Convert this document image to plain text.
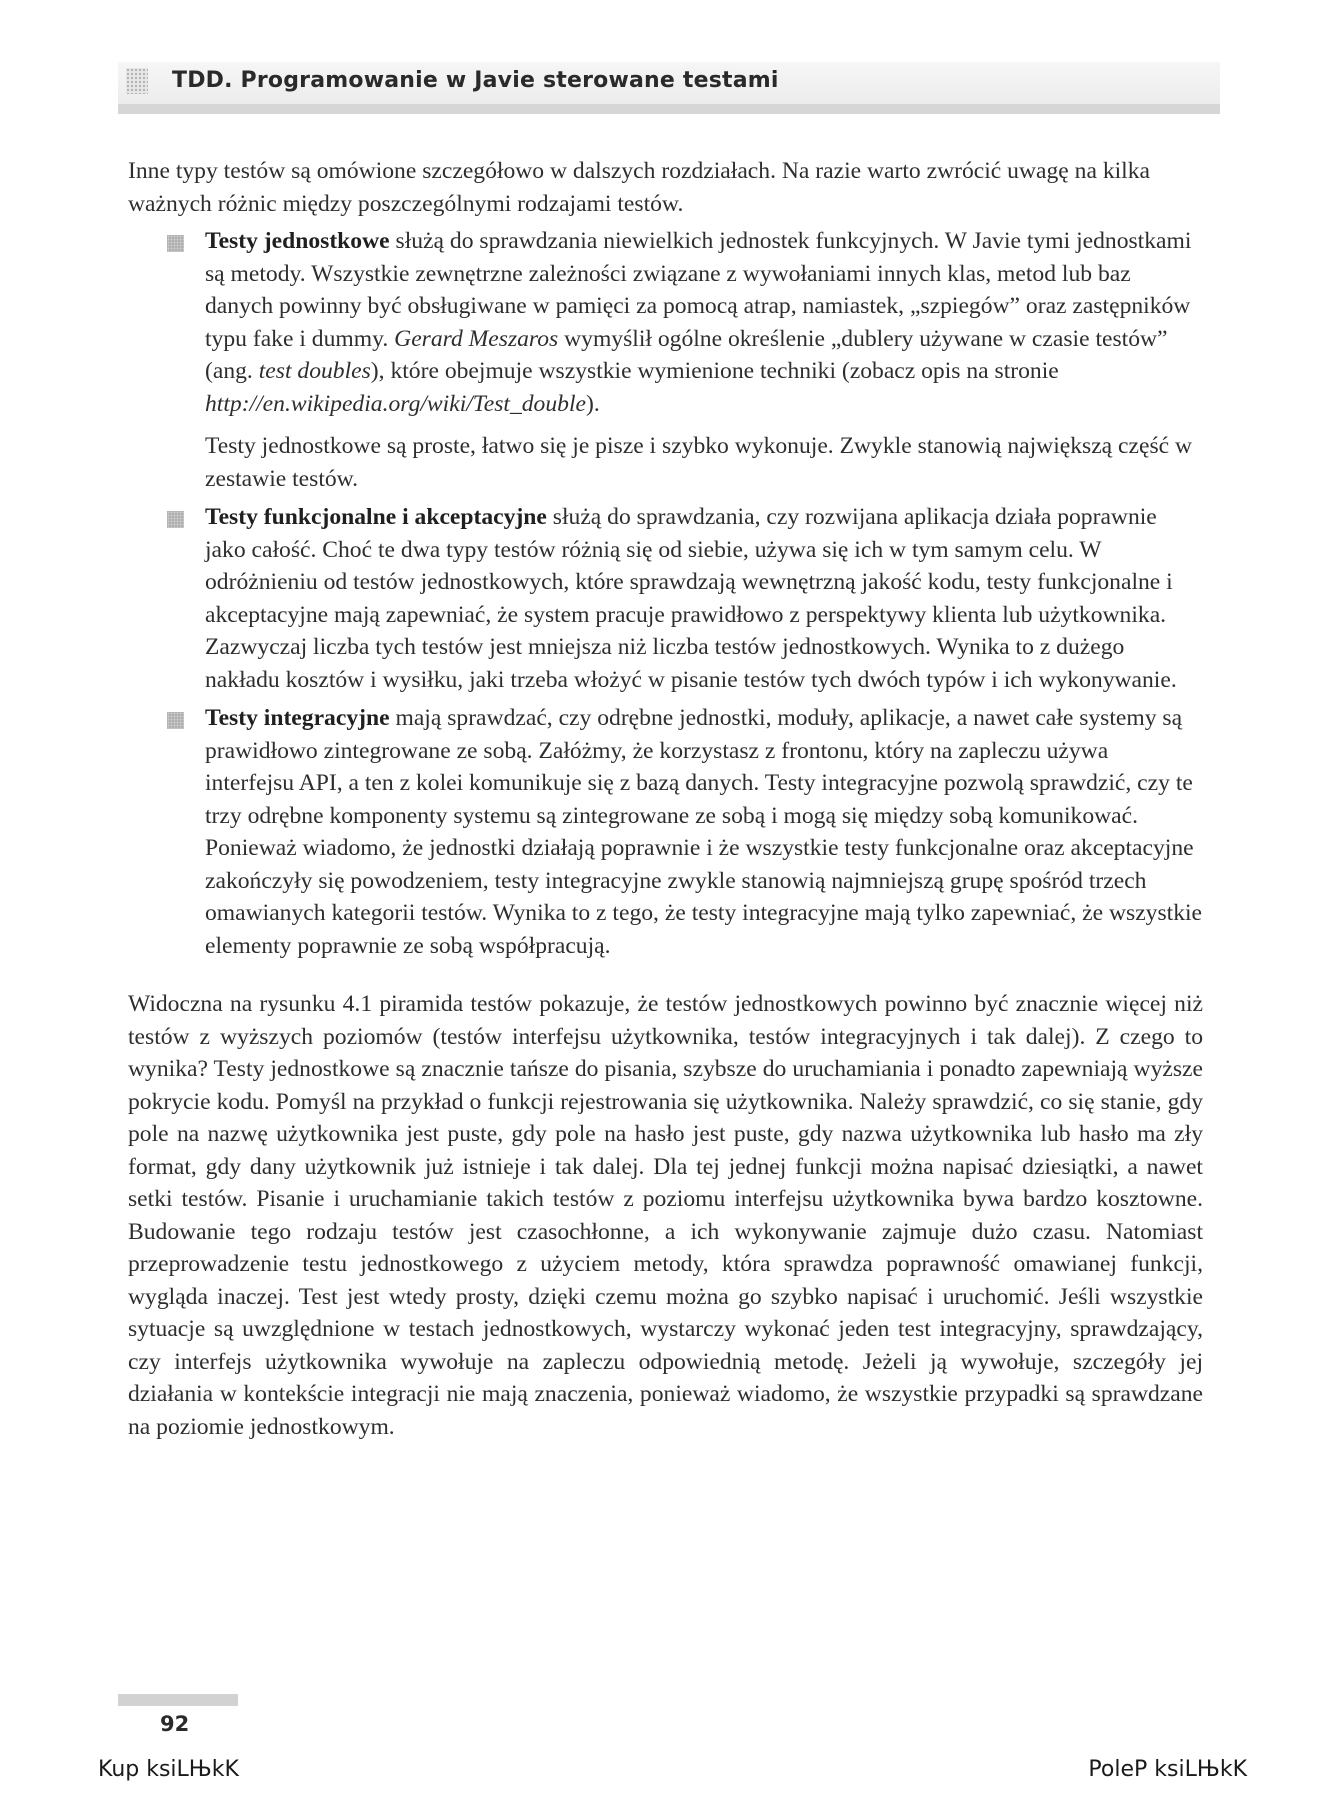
TDD. Programowanie w Javie sterowane testami

Inne typy testów są omówione szczegółowo w dalszych rozdziałach. Na razie warto zwrócić uwagę na kilka ważnych różnic między poszczególnymi rodzajami testów.

Testy jednostkowe służą do sprawdzania niewielkich jednostek funkcyjnych. W Javie tymi jednostkami są metody. Wszystkie zewnętrzne zależności związane z wywołaniami innych klas, metod lub baz danych powinny być obsługiwane w pamięci za pomocą atrap, namiastek, „szpiegów” oraz zastępników typu fake i dummy. Gerard Meszaros wymyślił ogólne określenie „dublery używane w czasie testów” (ang. test doubles), które obejmuje wszystkie wymienione techniki (zobacz opis na stronie http://en.wikipedia.org/wiki/Test_double).

Testy jednostkowe są proste, łatwo się je pisze i szybko wykonuje. Zwykle stanowią największą część w zestawie testów.

Testy funkcjonalne i akceptacyjne służą do sprawdzania, czy rozwijana aplikacja działa poprawnie jako całość. Choć te dwa typy testów różnią się od siebie, używa się ich w tym samym celu. W odróżnieniu od testów jednostkowych, które sprawdzają wewnętrzną jakość kodu, testy funkcjonalne i akceptacyjne mają zapewniać, że system pracuje prawidłowo z perspektywy klienta lub użytkownika. Zazwyczaj liczba tych testów jest mniejsza niż liczba testów jednostkowych. Wynika to z dużego nakładu kosztów i wysiłku, jaki trzeba włożyć w pisanie testów tych dwóch typów i ich wykonywanie.

Testy integracyjne mają sprawdzać, czy odrębne jednostki, moduły, aplikacje, a nawet całe systemy są prawidłowo zintegrowane ze sobą. Załóżmy, że korzystasz z frontonu, który na zapleczu używa interfejsu API, a ten z kolei komunikuje się z bazą danych. Testy integracyjne pozwolą sprawdzić, czy te trzy odrębne komponenty systemu są zintegrowane ze sobą i mogą się między sobą komunikować. Ponieważ wiadomo, że jednostki działają poprawnie i że wszystkie testy funkcjonalne oraz akceptacyjne zakończyły się powodzeniem, testy integracyjne zwykle stanowią najmniejszą grupę spośród trzech omawianych kategorii testów. Wynika to z tego, że testy integracyjne mają tylko zapewniać, że wszystkie elementy poprawnie ze sobą współpracują.

Widoczna na rysunku 4.1 piramida testów pokazuje, że testów jednostkowych powinno być znacznie więcej niż testów z wyższych poziomów (testów interfejsu użytkownika, testów integracyjnych i tak dalej). Z czego to wynika? Testy jednostkowe są znacznie tańsze do pisania, szybsze do uruchamiania i ponadto zapewniają wyższe pokrycie kodu. Pomyśl na przykład o funkcji rejestrowania się użytkownika. Należy sprawdzić, co się stanie, gdy pole na nazwę użytkownika jest puste, gdy pole na hasło jest puste, gdy nazwa użytkownika lub hasło ma zły format, gdy dany użytkownik już istnieje i tak dalej. Dla tej jednej funkcji można napisać dziesiątki, a nawet setki testów. Pisanie i uruchamianie takich testów z poziomu interfejsu użytkownika bywa bardzo kosztowne. Budowanie tego rodzaju testów jest czasochłonne, a ich wykonywanie zajmuje dużo czasu. Natomiast przeprowadzenie testu jednostkowego z użyciem metody, która sprawdza poprawność omawianej funkcji, wygląda inaczej. Test jest wtedy prosty, dzięki czemu można go szybko napisać i uruchomić. Jeśli wszystkie sytuacje są uwzględnione w testach jednostkowych, wystarczy wykonać jeden test integracyjny, sprawdzający, czy interfejs użytkownika wywołuje na zapleczu odpowiednią metodę. Jeżeli ją wywołuje, szczegóły jej działania w kontekście integracji nie mają znaczenia, ponieważ wiadomo, że wszystkie przypadki są sprawdzane na poziomie jednostkowym.

92
Kup ksiLЊkK	PoleP ksiLЊkK
